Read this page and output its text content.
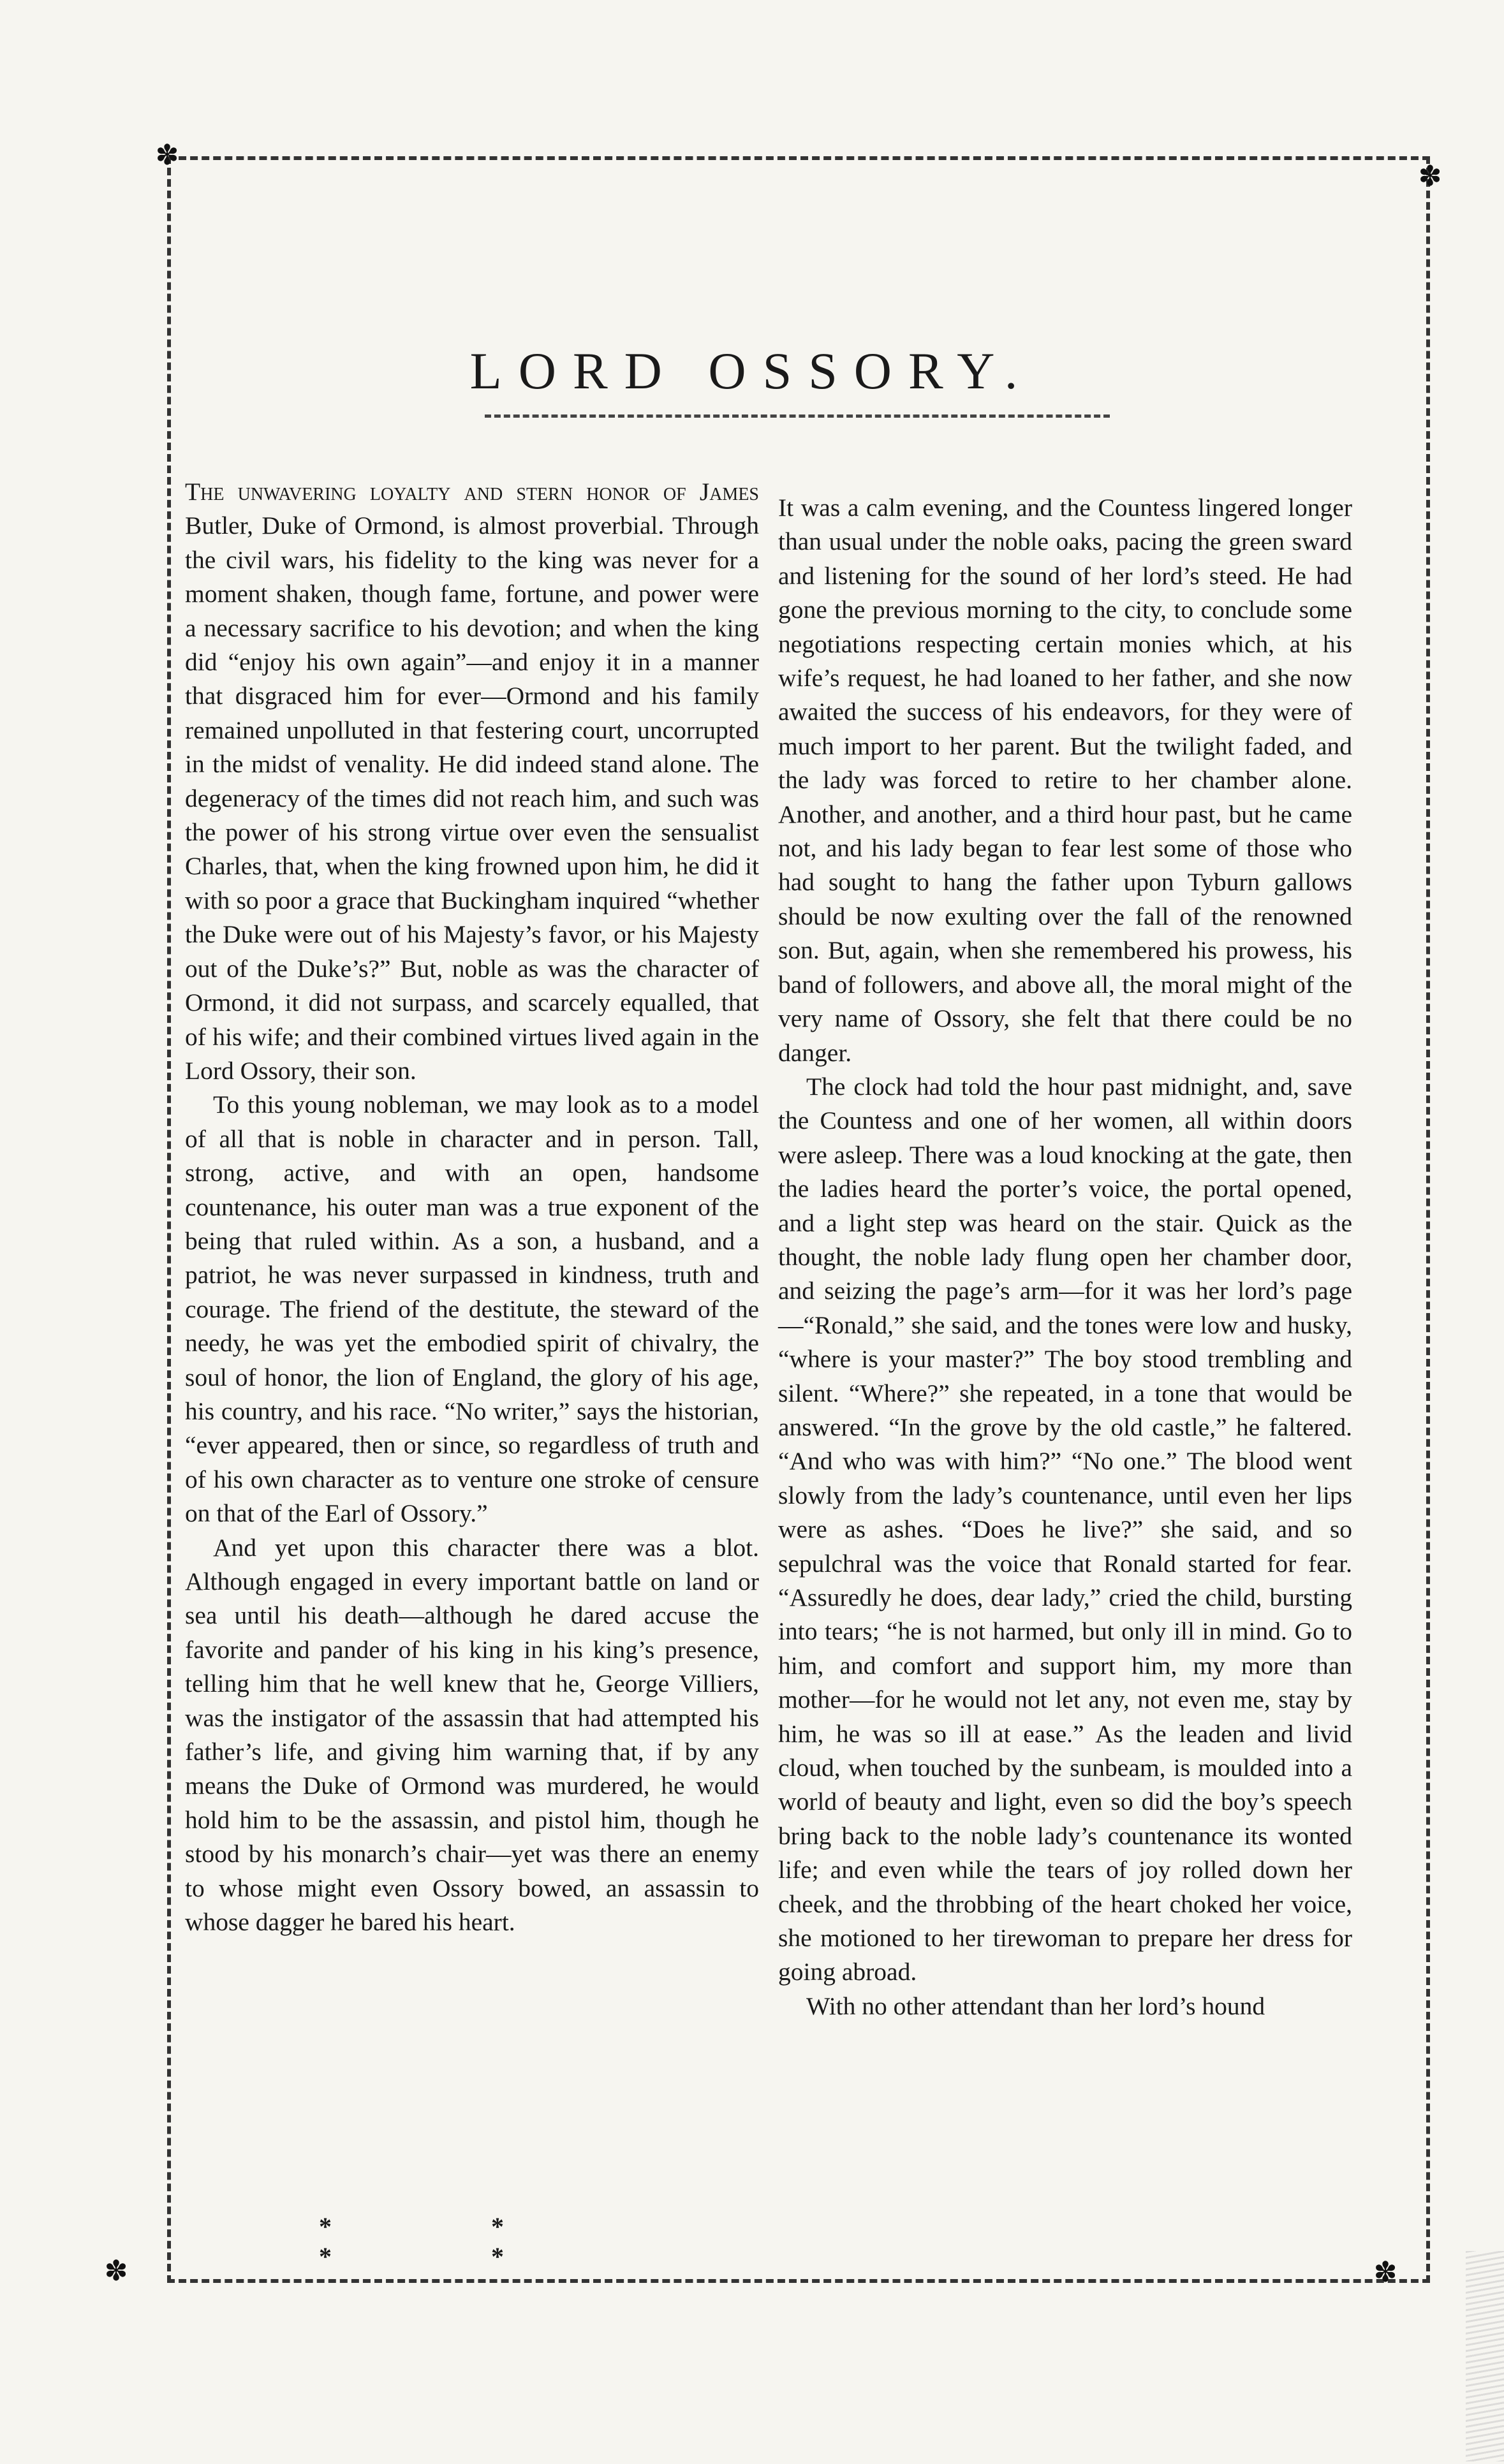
✽
✽
✽	✽
LORD OSSORY.

The unwavering loyalty and stern honor of James Butler, Duke of Ormond, is almost proverbial. Through the civil wars, his fidelity to the king was never for a moment shaken, though fame, fortune, and power were a necessary sacrifice to his devotion; and when the king did “enjoy his own again”—and enjoy it in a manner that disgraced him for ever—Ormond and his family remained unpolluted in that festering court, uncorrupted in the midst of venality. He did indeed stand alone. The degeneracy of the times did not reach him, and such was the power of his strong virtue over even the sensualist Charles, that, when the king frowned upon him, he did it with so poor a grace that Buckingham inquired “whether the Duke were out of his Majesty’s favor, or his Majesty out of the Duke’s?” But, noble as was the character of Ormond, it did not surpass, and scarcely equalled, that of his wife; and their combined virtues lived again in the Lord Ossory, their son.

To this young nobleman, we may look as to a model of all that is noble in character and in person. Tall, strong, active, and with an open, handsome countenance, his outer man was a true exponent of the being that ruled within. As a son, a husband, and a patriot, he was never surpassed in kindness, truth and courage. The friend of the destitute, the steward of the needy, he was yet the embodied spirit of chivalry, the soul of honor, the lion of England, the glory of his age, his country, and his race. “No writer,” says the historian, “ever appeared, then or since, so regardless of truth and of his own character as to venture one stroke of censure on that of the Earl of Ossory.”

And yet upon this character there was a blot. Although engaged in every important battle on land or sea until his death—although he dared accuse the favorite and pander of his king in his king’s presence, telling him that he well knew that he, George Villiers, was the instigator of the assassin that had attempted his father’s life, and giving him warning that, if by any means the Duke of Ormond was murdered, he would hold him to be the assassin, and pistol him, though he stood by his monarch’s chair—yet was there an enemy to whose might even Ossory bowed, an assassin to whose dagger he bared his heart.

* * * *

It was a calm evening, and the Countess lingered longer than usual under the noble oaks, pacing the green sward and listening for the sound of her lord’s steed. He had gone the previous morning to the city, to conclude some negotiations respecting certain monies which, at his wife’s request, he had loaned to her father, and she now awaited the success of his endeavors, for they were of much import to her parent. But the twilight faded, and the lady was forced to retire to her chamber alone. Another, and another, and a third hour past, but he came not, and his lady began to fear lest some of those who had sought to hang the father upon Tyburn gallows should be now exulting over the fall of the renowned son. But, again, when she remembered his prowess, his band of followers, and above all, the moral might of the very name of Ossory, she felt that there could be no danger.

The clock had told the hour past midnight, and, save the Countess and one of her women, all within doors were asleep. There was a loud knocking at the gate, then the ladies heard the porter’s voice, the portal opened, and a light step was heard on the stair. Quick as the thought, the noble lady flung open her chamber door, and seizing the page’s arm—for it was her lord’s page—“Ronald,” she said, and the tones were low and husky, “where is your master?” The boy stood trembling and silent. “Where?” she repeated, in a tone that would be answered. “In the grove by the old castle,” he faltered. “And who was with him?” “No one.” The blood went slowly from the lady’s countenance, until even her lips were as ashes. “Does he live?” she said, and so sepulchral was the voice that Ronald started for fear. “Assuredly he does, dear lady,” cried the child, bursting into tears; “he is not harmed, but only ill in mind. Go to him, and comfort and support him, my more than mother—for he would not let any, not even me, stay by him, he was so ill at ease.” As the leaden and livid cloud, when touched by the sunbeam, is moulded into a world of beauty and light, even so did the boy’s speech bring back to the noble lady’s countenance its wonted life; and even while the tears of joy rolled down her cheek, and the throbbing of the heart choked her voice, she motioned to her tirewoman to prepare her dress for going abroad.

With no other attendant than her lord’s hound
